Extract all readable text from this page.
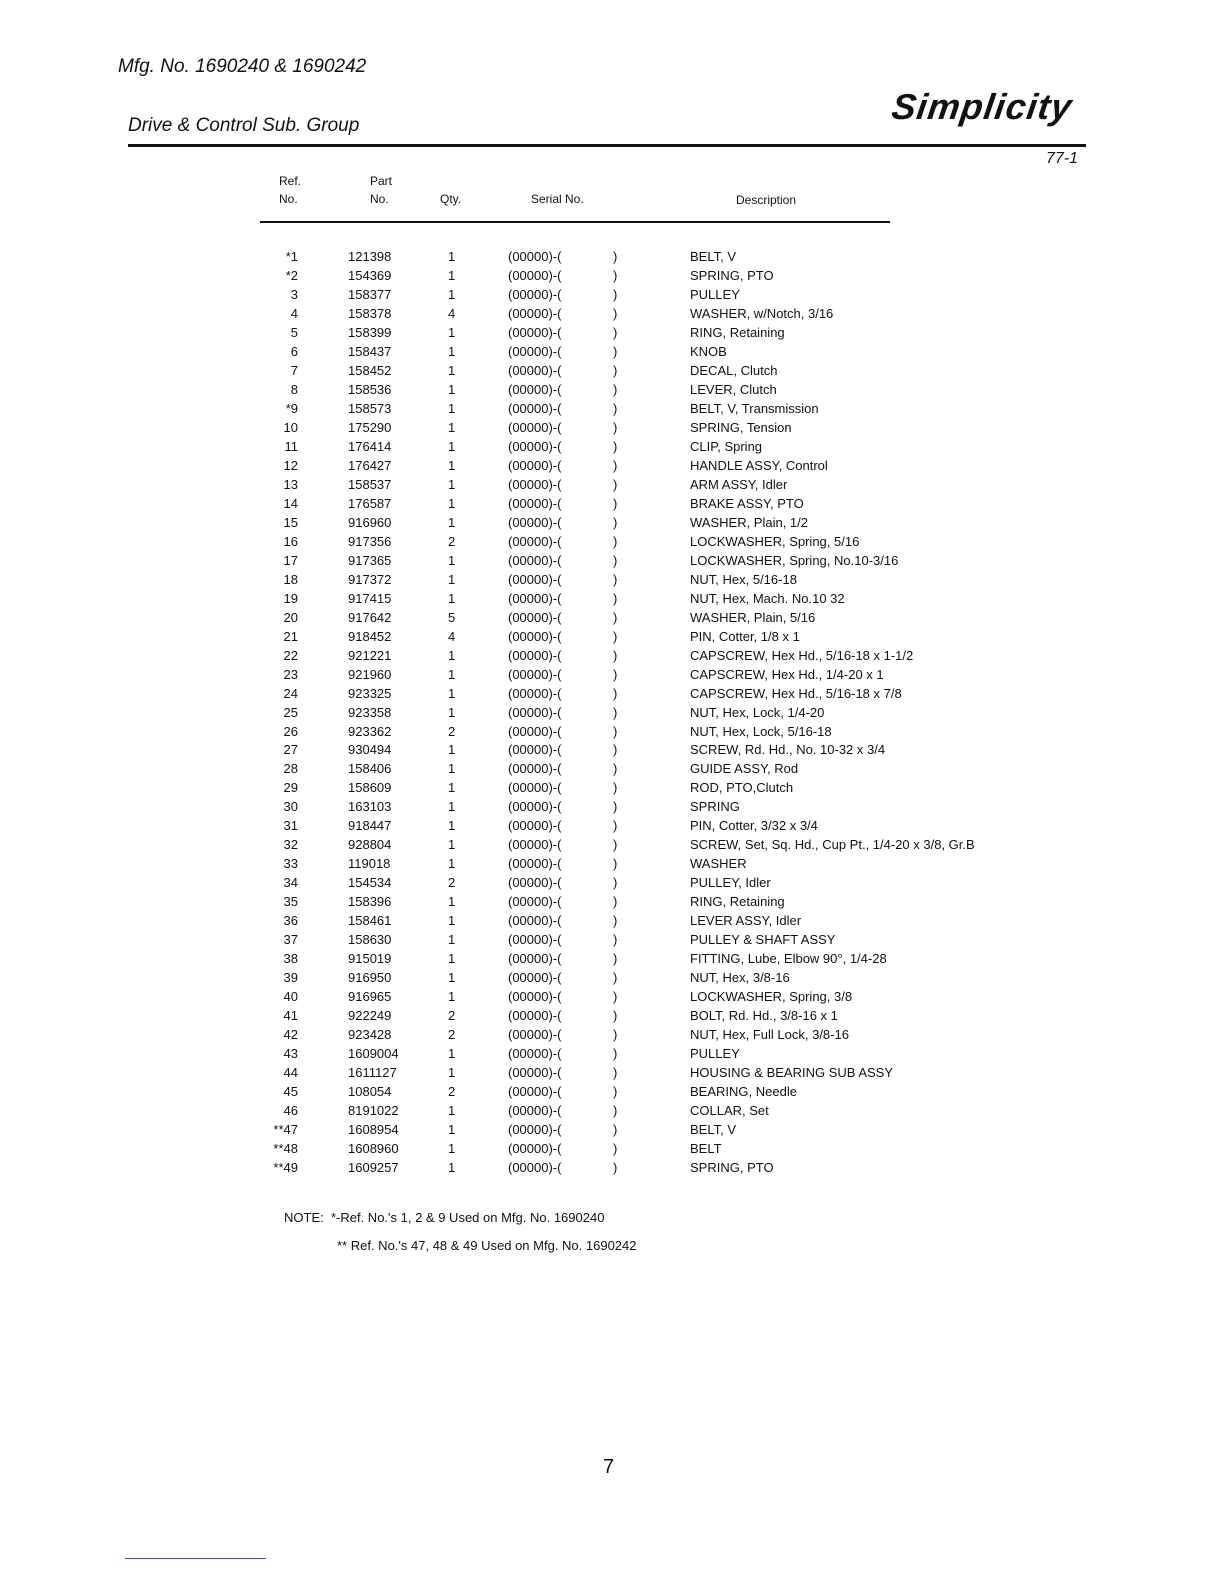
Mfg. No. 1690240 & 1690242
Drive & Control Sub. Group	Simplicity
77-1
Ref.
No.
Part
No.	Qty.	Serial No.	Description
*1	121398	1	(00000)-(	)	BELT, V
*2	154369	1	(00000)-(	)	SPRING, PTO
3	158377	1	(00000)-(	)	PULLEY
4	158378	4	(00000)-(	)	WASHER, w/Notch, 3/16
5	158399	1	(00000)-(	)	RING, Retaining
6	158437	1	(00000)-(	)	KNOB
7	158452	1	(00000)-(	)	DECAL, Clutch
8	158536	1	(00000)-(	)	LEVER, Clutch
*9	158573	1	(00000)-(	)	BELT, V, Transmission
10	175290	1	(00000)-(	)	SPRING, Tension
11	176414	1	(00000)-(	)	CLIP, Spring
12	176427	1	(00000)-(	)	HANDLE ASSY, Control
13	158537	1	(00000)-(	)	ARM ASSY, Idler
14	176587	1	(00000)-(	)	BRAKE ASSY, PTO
15	916960	1	(00000)-(	)	WASHER, Plain, 1/2
16	917356	2	(00000)-(	)	LOCKWASHER, Spring, 5/16
17	917365	1	(00000)-(	)	LOCKWASHER, Spring, No.10-3/16
18	917372	1	(00000)-(	)	NUT, Hex, 5/16-18
19	917415	1	(00000)-(	)	NUT, Hex, Mach. No.10 32
20	917642	5	(00000)-(	)	WASHER, Plain, 5/16
21	918452	4	(00000)-(	)	PIN, Cotter, 1/8 x 1
22	921221	1	(00000)-(	)	CAPSCREW, Hex Hd., 5/16-18 x 1-1/2
23	921960	1	(00000)-(	)	CAPSCREW, Hex Hd., 1/4-20 x 1
24	923325	1	(00000)-(	)	CAPSCREW, Hex Hd., 5/16-18 x 7/8
25	923358	1	(00000)-(	)	NUT, Hex, Lock, 1/4-20
26	923362	2	(00000)-(	)	NUT, Hex, Lock, 5/16-18
27	930494	1	(00000)-(	)	SCREW, Rd. Hd., No. 10-32 x 3/4
28	158406	1	(00000)-(	)	GUIDE ASSY, Rod
29	158609	1	(00000)-(	)	ROD, PTO,Clutch
30	163103	1	(00000)-(	)	SPRING
31	918447	1	(00000)-(	)	PIN, Cotter, 3/32 x 3/4
32	928804	1	(00000)-(	)	SCREW, Set, Sq. Hd., Cup Pt., 1/4-20 x 3/8, Gr.B
33	119018	1	(00000)-(	)	WASHER
34	154534	2	(00000)-(	)	PULLEY, Idler
35	158396	1	(00000)-(	)	RING, Retaining
36	158461	1	(00000)-(	)	LEVER ASSY, Idler
37	158630	1	(00000)-(	)	PULLEY & SHAFT ASSY
38	915019	1	(00000)-(	)	FITTING, Lube, Elbow 90°, 1/4-28
39	916950	1	(00000)-(	)	NUT, Hex, 3/8-16
40	916965	1	(00000)-(	)	LOCKWASHER, Spring, 3/8
41	922249	2	(00000)-(	)	BOLT, Rd. Hd., 3/8-16 x 1
42	923428	2	(00000)-(	)	NUT, Hex, Full Lock, 3/8-16
43	1609004	1	(00000)-(	)	PULLEY
44	1611127	1	(00000)-(	)	HOUSING & BEARING SUB ASSY
45	108054	2	(00000)-(	)	BEARING, Needle
46	8191022	1	(00000)-(	)	COLLAR, Set
**47	1608954	1	(00000)-(	)	BELT, V
**48	1608960	1	(00000)-(	)	BELT
**49	1609257	1	(00000)-(	)	SPRING, PTO
NOTE: *-Ref. No.'s 1, 2 & 9 Used on Mfg. No. 1690240
** Ref. No.'s 47, 48 & 49 Used on Mfg. No. 1690242
7
